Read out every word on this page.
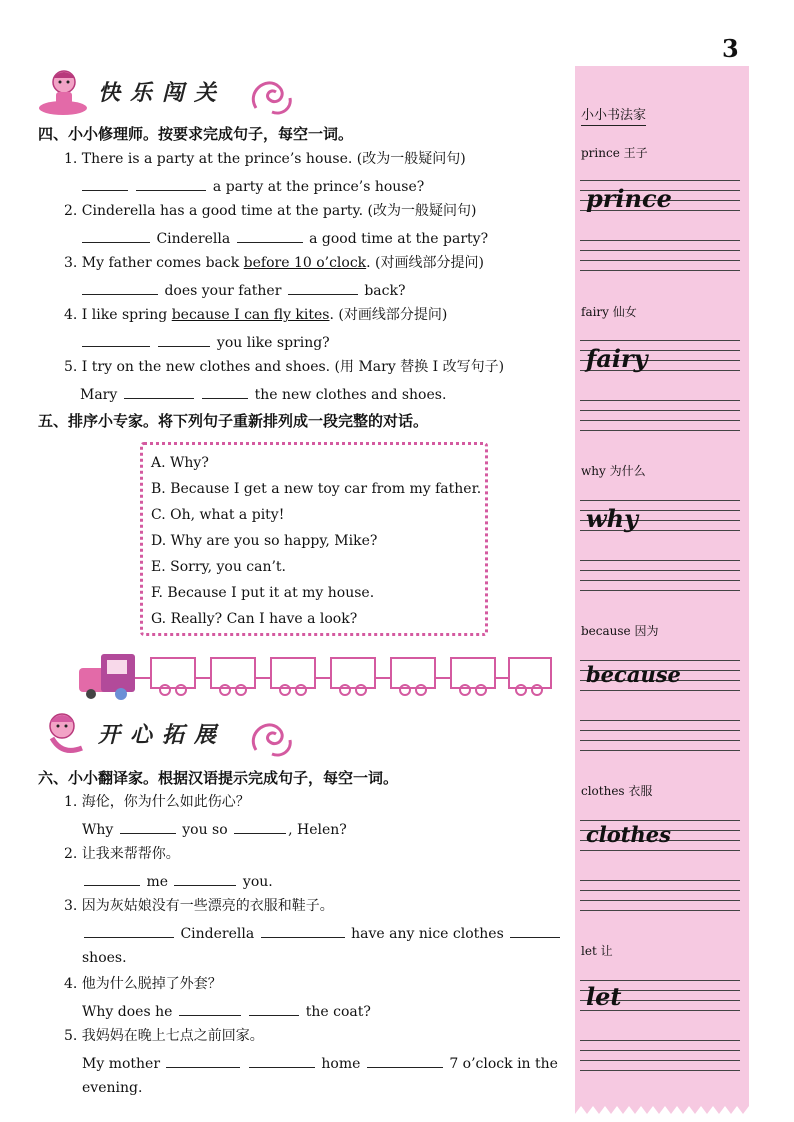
3
快乐闯关
四、小小修理师。按要求完成句子，每空一词。
1. There is a party at the prince’s house. (改为一般疑问句)
a party at the prince’s house?
2. Cinderella has a good time at the party. (改为一般疑问句)
Cinderella	a good time at the party?
3. My father comes back before 10 o’clock. (对画线部分提问)
does your father	back?
4. I like spring because I can fly kites. (对画线部分提问)
you like spring?
5. I try on the new clothes and shoes. (用 Mary 替换 I 改写句子)
Mary	the new clothes and shoes.
五、排序小专家。将下列句子重新排列成一段完整的对话。
A. Why?
B. Because I get a new toy car from my father.
C. Oh, what a pity!
D. Why are you so happy, Mike?
E. Sorry, you can’t.
F. Because I put it at my house.
G. Really? Can I have a look?
开心拓展
六、小小翻译家。根据汉语提示完成句子，每空一词。
1. 海伦，你为什么如此伤心？
Why	you so	, Helen?
2. 让我来帮帮你。
me	you.
3. 因为灰姑娘没有一些漂亮的衣服和鞋子。
Cinderella	have any nice clothes
shoes.
4. 他为什么脱掉了外套？
Why does he	the coat?
5. 我妈妈在晚上七点之前回家。
My mother	home	7 o’clock in the
evening.
小小书法家
prince 王子
prince
fairy 仙女
fairy
why 为什么
why
because 因为
because
clothes 衣服
clothes
let 让
let
